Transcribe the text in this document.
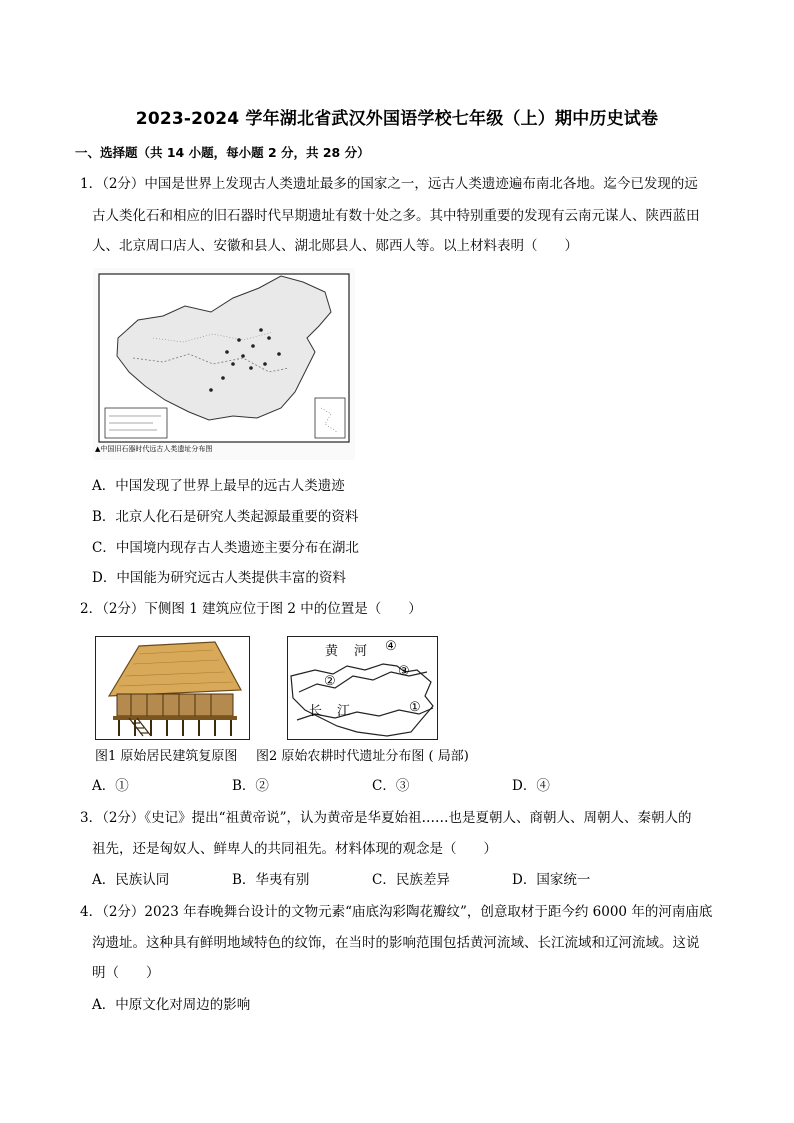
2023-2024 学年湖北省武汉外国语学校七年级（上）期中历史试卷
一、选择题（共 14 小题，每小题 2 分，共 28 分）
1．（2分）中国是世界上发现古人类遗址最多的国家之一，远古人类遗迹遍布南北各地。迄今已发现的远
古人类化石和相应的旧石器时代早期遗址有数十处之多。其中特别重要的发现有云南元谋人、陕西蓝田
人、北京周口店人、安徽和县人、湖北郧县人、郧西人等。以上材料表明（　　）
▲中国旧石器时代远古人类遗址分布图
A．中国发现了世界上最早的远古人类遗迹
B．北京人化石是研究人类起源最重要的资料
C．中国境内现存古人类遗迹主要分布在湖北
D．中国能为研究远古人类提供丰富的资料
2．（2分）下侧图 1 建筑应位于图 2 中的位置是（　　）
黄 河
长 江	①
②
③
④
图1 原始居民建筑复原图 图2 原始农耕时代遗址分布图 ( 局部)
A．①	B．②	C．③	D．④
3．（2分）《史记》提出“祖黄帝说”，认为黄帝是华夏始祖……也是夏朝人、商朝人、周朝人、秦朝人的
祖先，还是匈奴人、鲜卑人的共同祖先。材料体现的观念是（　　）
A．民族认同	B．华夷有别	C．民族差异	D．国家统一
4．（2分）2023 年春晚舞台设计的文物元素“庙底沟彩陶花瓣纹”，创意取材于距今约 6000 年的河南庙底
沟遗址。这种具有鲜明地域特色的纹饰，在当时的影响范围包括黄河流域、长江流域和辽河流域。这说
明（　　）
A．中原文化对周边的影响
